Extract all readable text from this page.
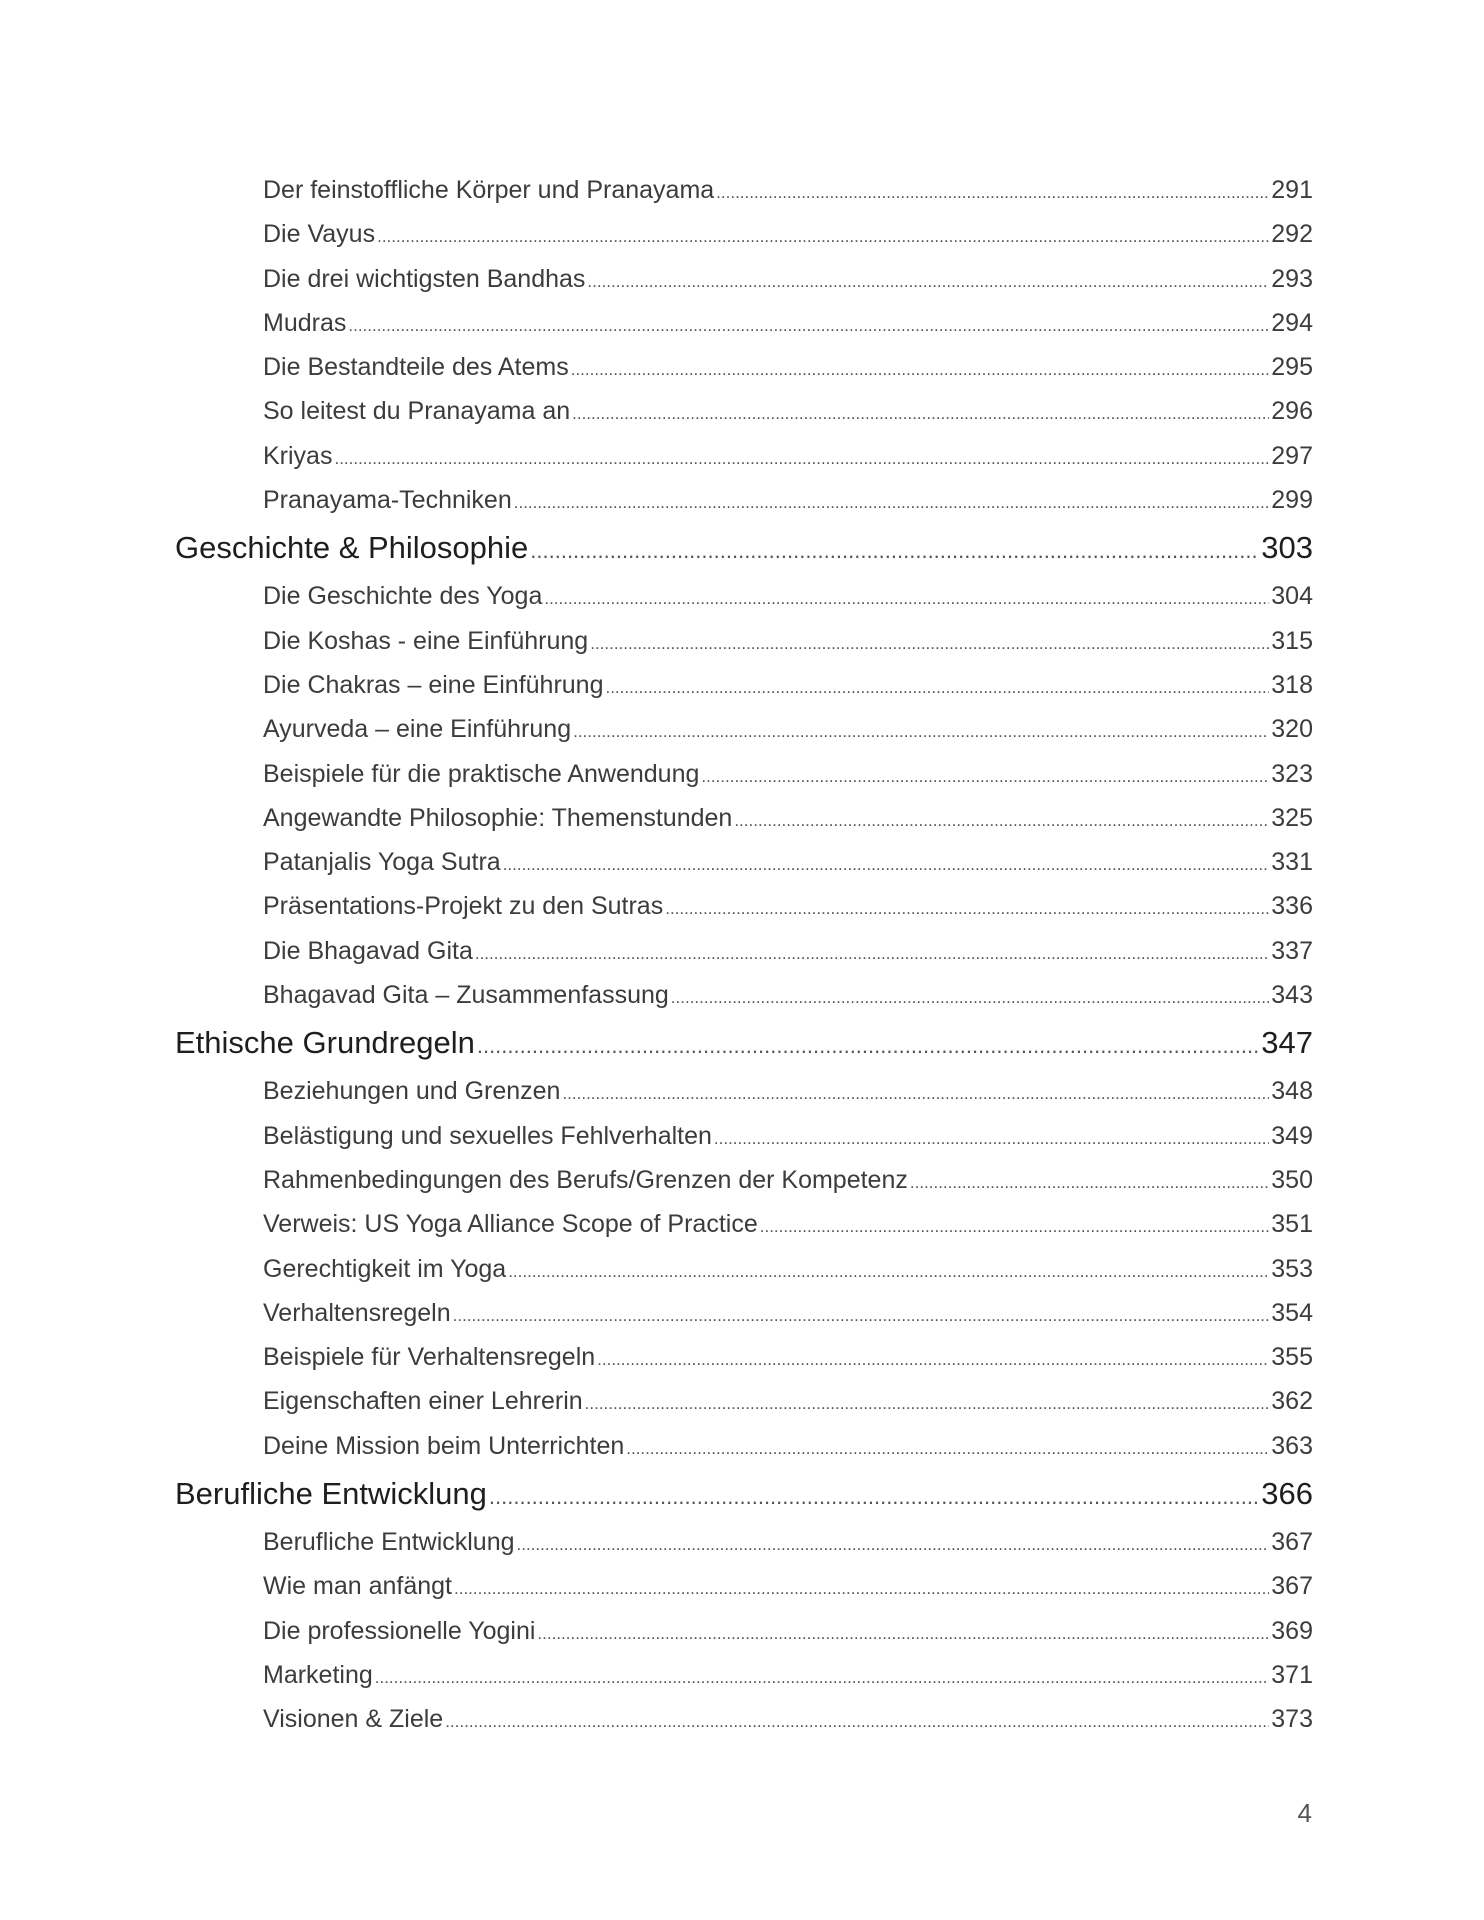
Der feinstoffliche Körper und Pranayama .....	291
Die Vayus .....	292
Die drei wichtigsten Bandhas .....	293
Mudras .....	294
Die Bestandteile des Atems .....	295
So leitest du Pranayama an .....	296
Kriyas .....	297
Pranayama-Techniken .....	299
Geschichte & Philosophie .....	303
Die Geschichte des Yoga .....	304
Die Koshas - eine Einführung .....	315
Die Chakras – eine Einführung .....	318
Ayurveda – eine Einführung .....	320
Beispiele für die praktische Anwendung .....	323
Angewandte Philosophie: Themenstunden .....	325
Patanjalis Yoga Sutra .....	331
Präsentations-Projekt zu den Sutras .....	336
Die Bhagavad Gita .....	337
Bhagavad Gita – Zusammenfassung .....	343
Ethische Grundregeln .....	347
Beziehungen und Grenzen .....	348
Belästigung und sexuelles Fehlverhalten .....	349
Rahmenbedingungen des Berufs/Grenzen der Kompetenz .....	350
Verweis: US Yoga Alliance Scope of Practice .....	351
Gerechtigkeit im Yoga .....	353
Verhaltensregeln .....	354
Beispiele für Verhaltensregeln .....	355
Eigenschaften einer Lehrerin .....	362
Deine Mission beim Unterrichten .....	363
Berufliche Entwicklung .....	366
Berufliche Entwicklung .....	367
Wie man anfängt .....	367
Die professionelle Yogini .....	369
Marketing .....	371
Visionen & Ziele .....	373
4
